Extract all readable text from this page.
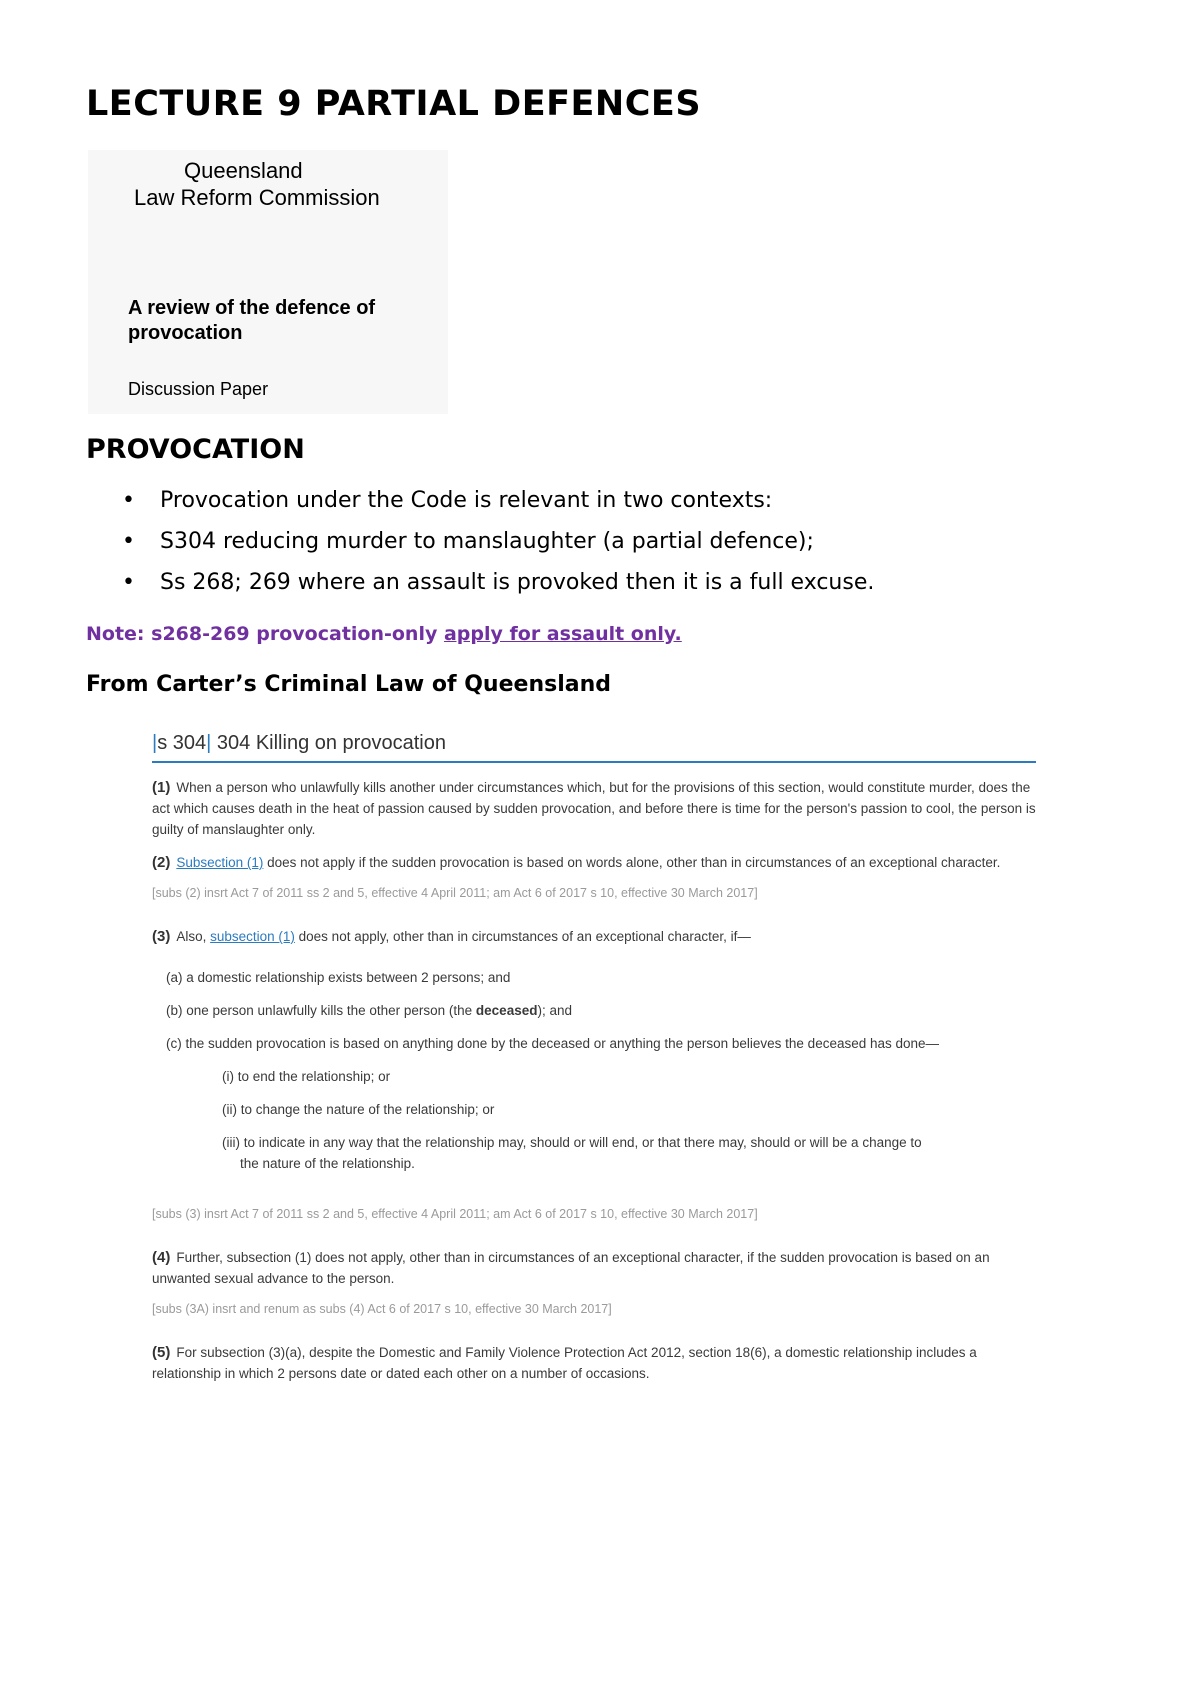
LECTURE 9 PARTIAL DEFENCES
Queensland
Law Reform Commission
A review of the defence of provocation
Discussion Paper
PROVOCATION
• Provocation under the Code is relevant in two contexts:
• S304 reducing murder to manslaughter (a partial defence);
• Ss 268; 269 where an assault is provoked then it is a full excuse.
Note: s268-269 provocation-only apply for assault only.
From Carter’s Criminal Law of Queensland
|s 304| 304 Killing on provocation

(1) When a person who unlawfully kills another under circumstances which, but for the provisions of this section, would constitute murder, does the act which causes death in the heat of passion caused by sudden provocation, and before there is time for the person's passion to cool, the person is guilty of manslaughter only.

(2) Subsection (1) does not apply if the sudden provocation is based on words alone, other than in circumstances of an exceptional character.

[subs (2) insrt Act 7 of 2011 ss 2 and 5, effective 4 April 2011; am Act 6 of 2017 s 10, effective 30 March 2017]

(3) Also, subsection (1) does not apply, other than in circumstances of an exceptional character, if—

(a) a domestic relationship exists between 2 persons; and

(b) one person unlawfully kills the other person (the deceased); and

(c) the sudden provocation is based on anything done by the deceased or anything the person believes the deceased has done—

(i) to end the relationship; or

(ii) to change the nature of the relationship; or

(iii) to indicate in any way that the relationship may, should or will end, or that there may, should or will be a change to

the nature of the relationship.

[subs (3) insrt Act 7 of 2011 ss 2 and 5, effective 4 April 2011; am Act 6 of 2017 s 10, effective 30 March 2017]

(4) Further, subsection (1) does not apply, other than in circumstances of an exceptional character, if the sudden provocation is based on an unwanted sexual advance to the person.

[subs (3A) insrt and renum as subs (4) Act 6 of 2017 s 10, effective 30 March 2017]

(5) For subsection (3)(a), despite the Domestic and Family Violence Protection Act 2012, section 18(6), a domestic relationship includes a relationship in which 2 persons date or dated each other on a number of occasions.
